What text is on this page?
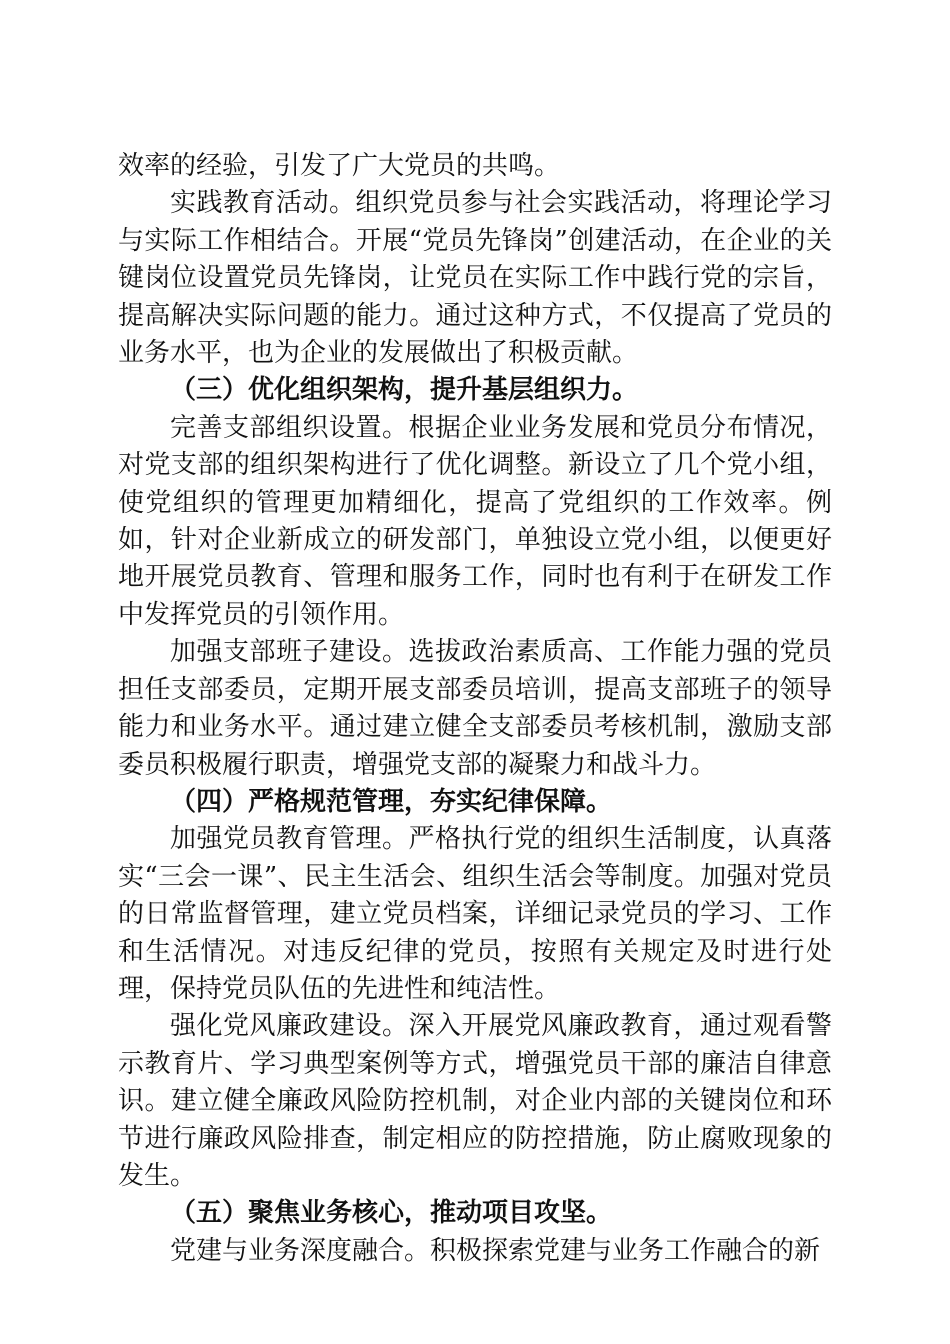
效率的经验，引发了广大党员的共鸣。

实践教育活动。组织党员参与社会实践活动，将理论学习与实际工作相结合。开展“党员先锋岗”创建活动，在企业的关键岗位设置党员先锋岗，让党员在实际工作中践行党的宗旨，提高解决实际问题的能力。通过这种方式，不仅提高了党员的业务水平，也为企业的发展做出了积极贡献。

（三）优化组织架构，提升基层组织力。

完善支部组织设置。根据企业业务发展和党员分布情况，对党支部的组织架构进行了优化调整。新设立了几个党小组，使党组织的管理更加精细化，提高了党组织的工作效率。例如，针对企业新成立的研发部门，单独设立党小组，以便更好地开展党员教育、管理和服务工作，同时也有利于在研发工作中发挥党员的引领作用。

加强支部班子建设。选拔政治素质高、工作能力强的党员担任支部委员，定期开展支部委员培训，提高支部班子的领导能力和业务水平。通过建立健全支部委员考核机制，激励支部委员积极履行职责，增强党支部的凝聚力和战斗力。

（四）严格规范管理，夯实纪律保障。

加强党员教育管理。严格执行党的组织生活制度，认真落实“三会一课”、民主生活会、组织生活会等制度。加强对党员的日常监督管理，建立党员档案，详细记录党员的学习、工作和生活情况。对违反纪律的党员，按照有关规定及时进行处理，保持党员队伍的先进性和纯洁性。

强化党风廉政建设。深入开展党风廉政教育，通过观看警示教育片、学习典型案例等方式，增强党员干部的廉洁自律意识。建立健全廉政风险防控机制，对企业内部的关键岗位和环节进行廉政风险排查，制定相应的防控措施，防止腐败现象的发生。

（五）聚焦业务核心，推动项目攻坚。

党建与业务深度融合。积极探索党建与业务工作融合的新
